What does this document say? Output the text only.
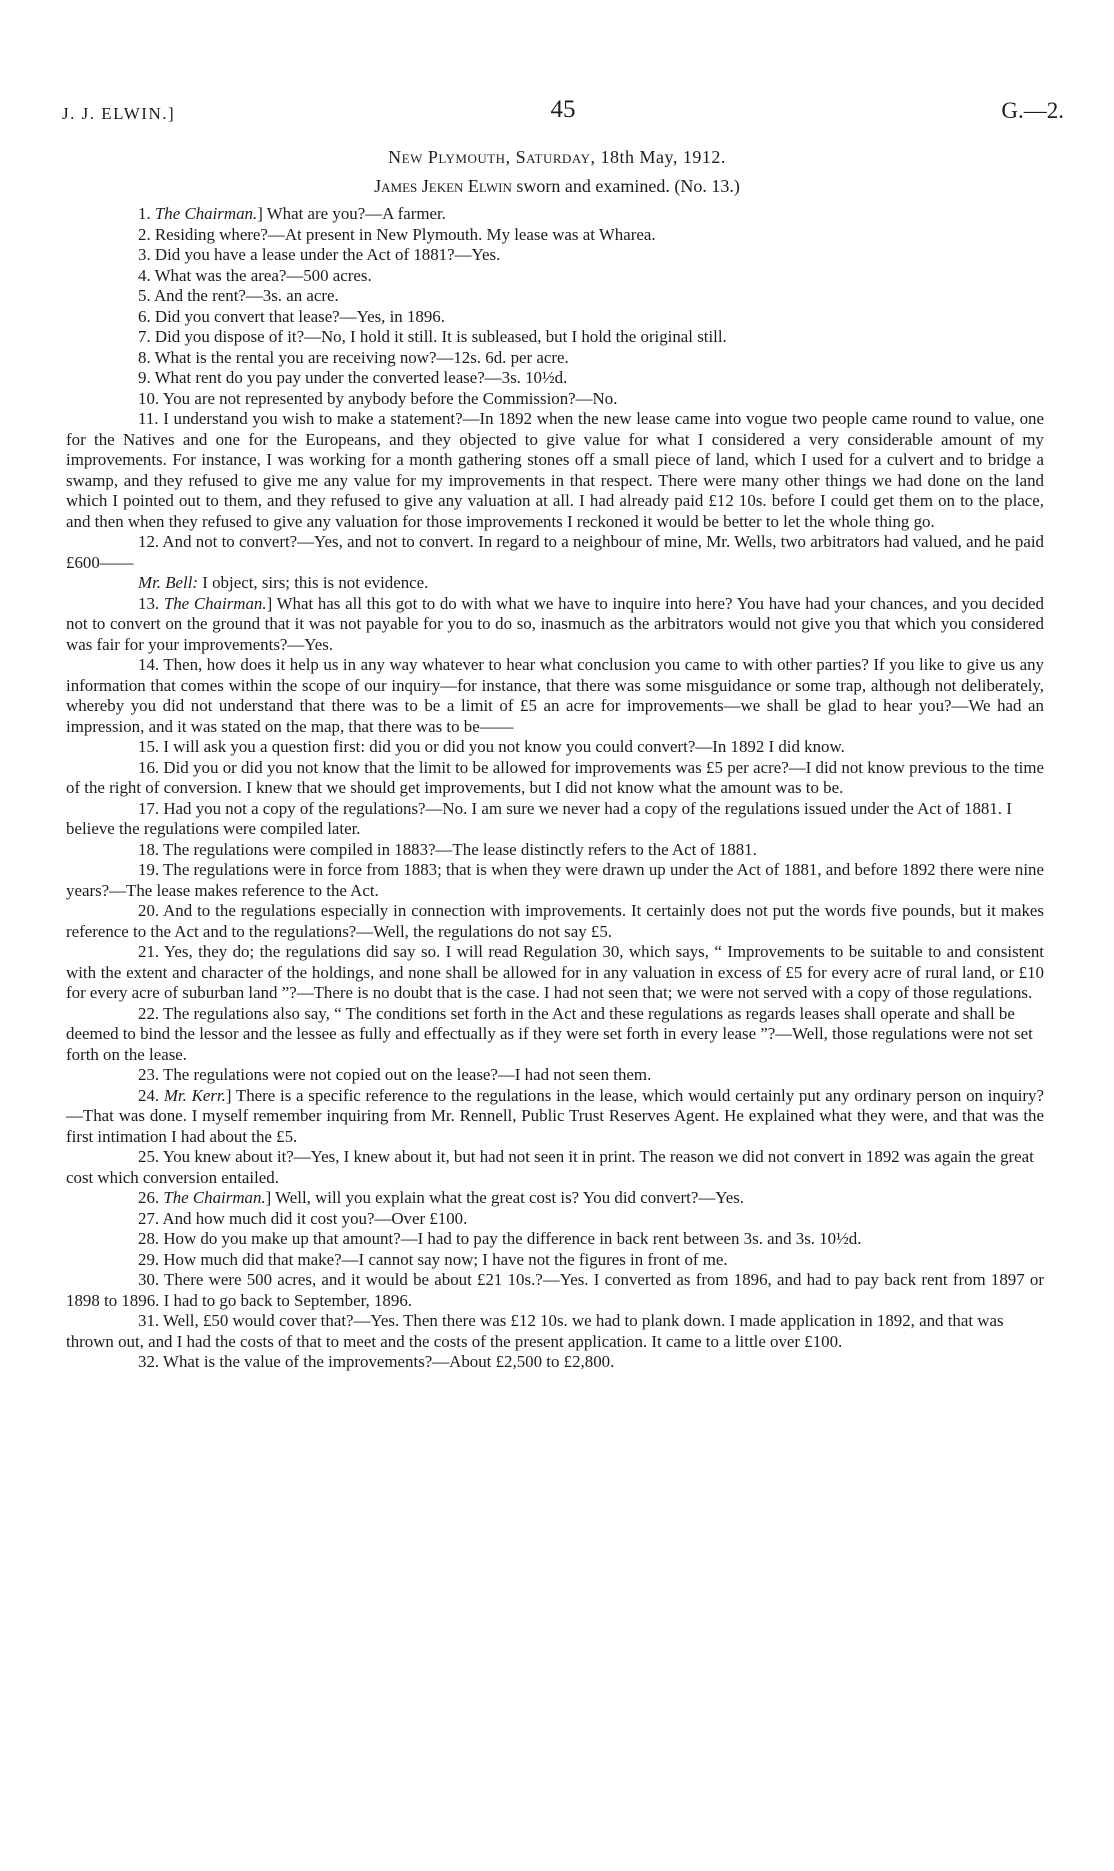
J. J. ELWIN.]	45	G.—2.
New Plymouth, Saturday, 18th May, 1912.
James Jeken Elwin sworn and examined. (No. 13.)

1. The Chairman.] What are you?—A farmer.

2. Residing where?—At present in New Plymouth. My lease was at Wharea.

3. Did you have a lease under the Act of 1881?—Yes.

4. What was the area?—500 acres.

5. And the rent?—3s. an acre.

6. Did you convert that lease?—Yes, in 1896.

7. Did you dispose of it?—No, I hold it still. It is subleased, but I hold the original still.

8. What is the rental you are receiving now?—12s. 6d. per acre.

9. What rent do you pay under the converted lease?—3s. 10½d.

10. You are not represented by anybody before the Commission?—No.

11. I understand you wish to make a statement?—In 1892 when the new lease came into vogue two people came round to value, one for the Natives and one for the Europeans, and they objected to give value for what I considered a very considerable amount of my improvements. For instance, I was working for a month gathering stones off a small piece of land, which I used for a culvert and to bridge a swamp, and they refused to give me any value for my improvements in that respect. There were many other things we had done on the land which I pointed out to them, and they refused to give any valuation at all. I had already paid £12 10s. before I could get them on to the place, and then when they refused to give any valuation for those improvements I reckoned it would be better to let the whole thing go.

12. And not to convert?—Yes, and not to convert. In regard to a neighbour of mine, Mr. Wells, two arbitrators had valued, and he paid £600——

Mr. Bell: I object, sirs; this is not evidence.

13. The Chairman.] What has all this got to do with what we have to inquire into here? You have had your chances, and you decided not to convert on the ground that it was not payable for you to do so, inasmuch as the arbitrators would not give you that which you considered was fair for your improvements?—Yes.

14. Then, how does it help us in any way whatever to hear what conclusion you came to with other parties? If you like to give us any information that comes within the scope of our inquiry—for instance, that there was some misguidance or some trap, although not deliberately, whereby you did not understand that there was to be a limit of £5 an acre for improvements—we shall be glad to hear you?—We had an impression, and it was stated on the map, that there was to be——

15. I will ask you a question first: did you or did you not know you could convert?—In 1892 I did know.

16. Did you or did you not know that the limit to be allowed for improvements was £5 per acre?—I did not know previous to the time of the right of conversion. I knew that we should get improvements, but I did not know what the amount was to be.

17. Had you not a copy of the regulations?—No. I am sure we never had a copy of the regulations issued under the Act of 1881. I believe the regulations were compiled later.

18. The regulations were compiled in 1883?—The lease distinctly refers to the Act of 1881.

19. The regulations were in force from 1883; that is when they were drawn up under the Act of 1881, and before 1892 there were nine years?—The lease makes reference to the Act.

20. And to the regulations especially in connection with improvements. It certainly does not put the words five pounds, but it makes reference to the Act and to the regulations?—Well, the regulations do not say £5.

21. Yes, they do; the regulations did say so. I will read Regulation 30, which says, “ Improvements to be suitable to and consistent with the extent and character of the holdings, and none shall be allowed for in any valuation in excess of £5 for every acre of rural land, or £10 for every acre of suburban land ”?—There is no doubt that is the case. I had not seen that; we were not served with a copy of those regulations.

22. The regulations also say, “ The conditions set forth in the Act and these regulations as regards leases shall operate and shall be deemed to bind the lessor and the lessee as fully and effectually as if they were set forth in every lease ”?—Well, those regulations were not set forth on the lease.

23. The regulations were not copied out on the lease?—I had not seen them.

24. Mr. Kerr.] There is a specific reference to the regulations in the lease, which would certainly put any ordinary person on inquiry?—That was done. I myself remember inquiring from Mr. Rennell, Public Trust Reserves Agent. He explained what they were, and that was the first intimation I had about the £5.

25. You knew about it?—Yes, I knew about it, but had not seen it in print. The reason we did not convert in 1892 was again the great cost which conversion entailed.

26. The Chairman.] Well, will you explain what the great cost is? You did convert?—Yes.

27. And how much did it cost you?—Over £100.

28. How do you make up that amount?—I had to pay the difference in back rent between 3s. and 3s. 10½d.

29. How much did that make?—I cannot say now; I have not the figures in front of me.

30. There were 500 acres, and it would be about £21 10s.?—Yes. I converted as from 1896, and had to pay back rent from 1897 or 1898 to 1896. I had to go back to September, 1896.

31. Well, £50 would cover that?—Yes. Then there was £12 10s. we had to plank down. I made application in 1892, and that was thrown out, and I had the costs of that to meet and the costs of the present application. It came to a little over £100.

32. What is the value of the improvements?—About £2,500 to £2,800.
